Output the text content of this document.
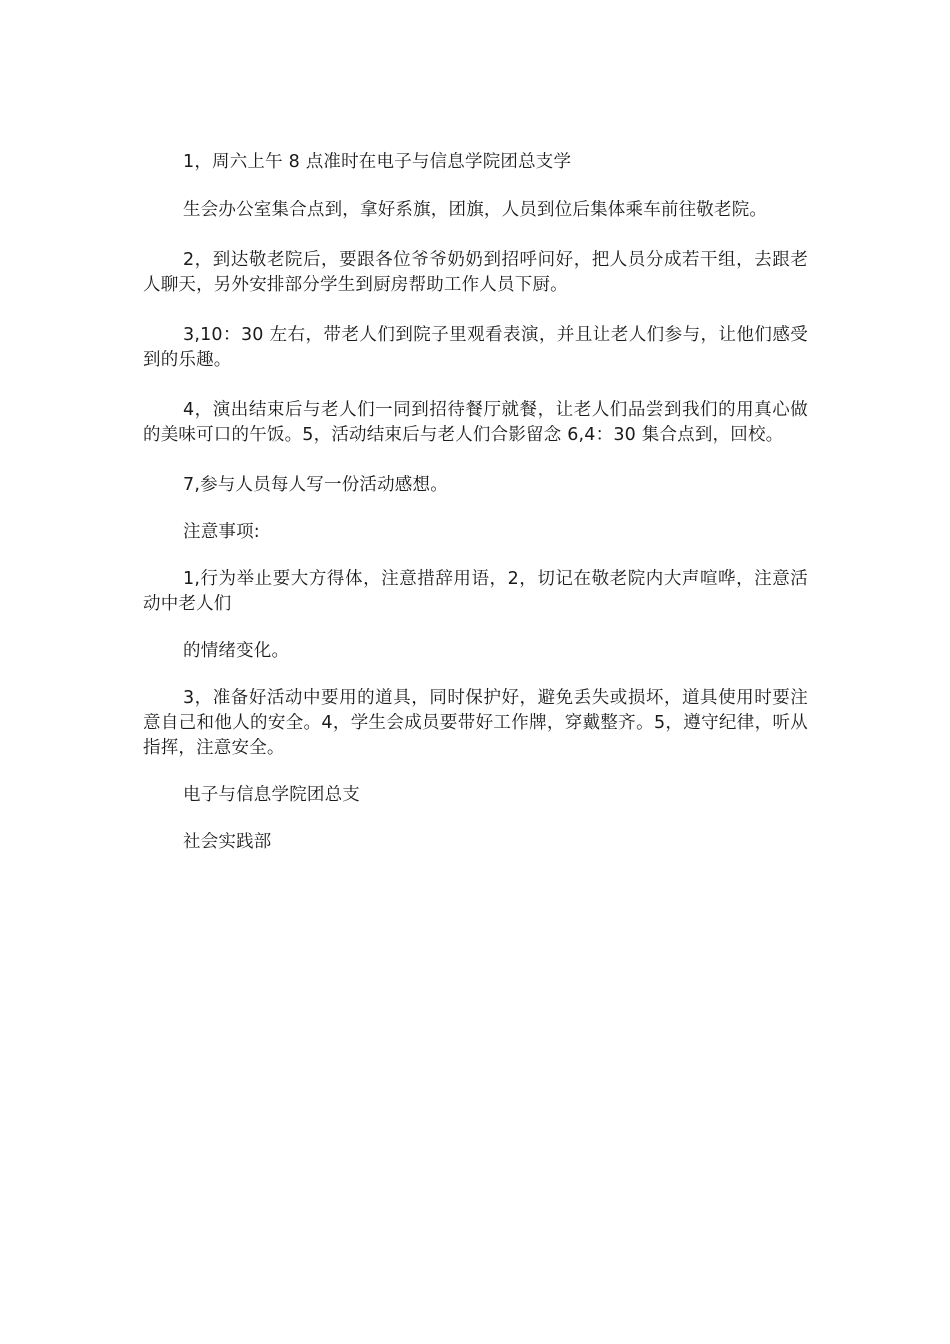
1，周六上午 8 点准时在电子与信息学院团总支学

生会办公室集合点到，拿好系旗，团旗，人员到位后集体乘车前往敬老院。

2，到达敬老院后，要跟各位爷爷奶奶到招呼问好，把人员分成若干组，去跟老人聊天，另外安排部分学生到厨房帮助工作人员下厨。

3,10：30 左右，带老人们到院子里观看表演，并且让老人们参与，让他们感受到的乐趣。

4，演出结束后与老人们一同到招待餐厅就餐，让老人们品尝到我们的用真心做的美味可口的午饭。5，活动结束后与老人们合影留念 6,4：30 集合点到，回校。

7,参与人员每人写一份活动感想。

注意事项:

1,行为举止要大方得体，注意措辞用语，2，切记在敬老院内大声喧哗，注意活动中老人们

的情绪变化。

3，准备好活动中要用的道具，同时保护好，避免丢失或损坏，道具使用时要注意自己和他人的安全。4，学生会成员要带好工作牌，穿戴整齐。5，遵守纪律，听从指挥，注意安全。

电子与信息学院团总支

社会实践部
